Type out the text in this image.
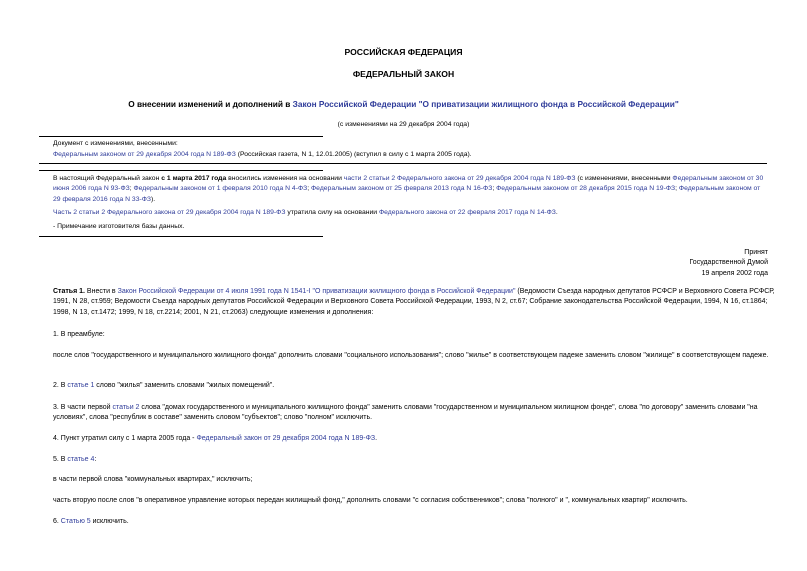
РОССИЙСКАЯ ФЕДЕРАЦИЯ
ФЕДЕРАЛЬНЫЙ ЗАКОН
О внесении изменений и дополнений в Закон Российской Федерации "О приватизации жилищного фонда в Российской Федерации"
(с изменениями на 29 декабря 2004 года)
Документ с изменениями, внесенными:
Федеральным законом от 29 декабря 2004 года N 189-ФЗ (Российская газета, N 1, 12.01.2005) (вступил в силу с 1 марта 2005 года).
В настоящий Федеральный закон с 1 марта 2017 года вносились изменения на основании части 2 статьи 2 Федерального закона от 29 декабря 2004 года N 189-ФЗ (с изменениями, внесенными Федеральным законом от 30 июня 2006 года N 93-ФЗ; Федеральным законом от 1 февраля 2010 года N 4-ФЗ; Федеральным законом от 25 февраля 2013 года N 16-ФЗ; Федеральным законом от 28 декабря 2015 года N 19-ФЗ; Федеральным законом от 29 февраля 2016 года N 33-ФЗ).
Часть 2 статьи 2 Федерального закона от 29 декабря 2004 года N 189-ФЗ утратила силу на основании Федерального закона от 22 февраля 2017 года N 14-ФЗ.
- Примечание изготовителя базы данных.
Принят
Государственной Думой
19 апреля 2002 года
Статья 1. Внести в Закон Российской Федерации от 4 июля 1991 года N 1541-I "О приватизации жилищного фонда в Российской Федерации" (Ведомости Съезда народных депутатов РСФСР и Верховного Совета РСФСР, 1991, N 28, ст.959; Ведомости Съезда народных депутатов Российской Федерации и Верховного Совета Российской Федерации, 1993, N 2, ст.67; Собрание законодательства Российской Федерации, 1994, N 16, ст.1864; 1998, N 13, ст.1472; 1999, N 18, ст.2214; 2001, N 21, ст.2063) следующие изменения и дополнения:
1. В преамбуле:
после слов "государственного и муниципального жилищного фонда" дополнить словами "социального использования"; слово "жилье" в соответствующем падеже заменить словом "жилище" в соответствующем падеже.
2. В статье 1 слово "жилья" заменить словами "жилых помещений".
3. В части первой статьи 2 слова "домах государственного и муниципального жилищного фонда" заменить словами "государственном и муниципальном жилищном фонде", слова "по договору" заменить словами "на условиях", слова "республик в составе" заменить словом "субъектов"; слово "полном" исключить.
4. Пункт утратил силу с 1 марта 2005 года - Федеральный закон от 29 декабря 2004 года N 189-ФЗ.
5. В статье 4:
в части первой слова "коммунальных квартирах," исключить;
часть вторую после слов "в оперативное управление которых передан жилищный фонд," дополнить словами "с согласия собственников"; слова "полного" и ", коммунальных квартир" исключить.
6. Статью 5 исключить.
